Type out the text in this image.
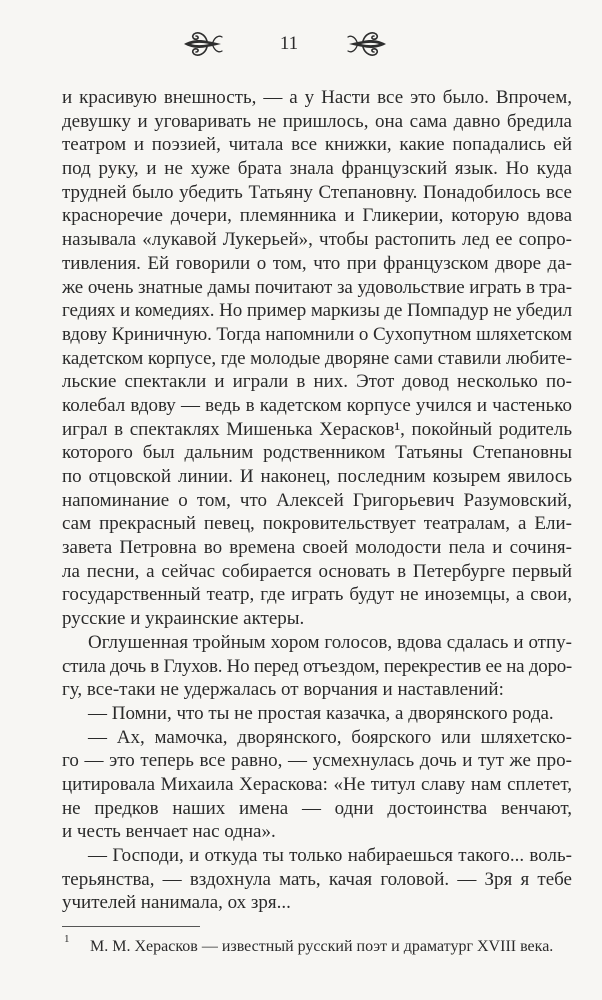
11
и красивую внешность, — а у Насти все это было. Впрочем,
девушку и уговаривать не пришлось, она сама давно бредила
театром и поэзией, читала все книжки, какие попадались ей
под руку, и не хуже брата знала французский язык. Но куда
трудней было убедить Татьяну Степановну. Понадобилось все
красноречие дочери, племянника и Гликерии, которую вдова
называла «лукавой Лукерьей», чтобы растопить лед ее сопро-
тивления. Ей говорили о том, что при французском дворе да-
же очень знатные дамы почитают за удовольствие играть в тра-
гедиях и комедиях. Но пример маркизы де Помпадур не убедил
вдову Криничную. Тогда напомнили о Сухопутном шляхетском
кадетском корпусе, где молодые дворяне сами ставили любите-
льские спектакли и играли в них. Этот довод несколько по-
колебал вдову — ведь в кадетском корпусе учился и частенько
играл в спектаклях Мишенька Херасков¹, покойный родитель
которого был дальним родственником Татьяны Степановны
по отцовской линии. И наконец, последним козырем явилось
напоминание о том, что Алексей Григорьевич Разумовский,
сам прекрасный певец, покровительствует театралам, а Ели-
завета Петровна во времена своей молодости пела и сочиня-
ла песни, а сейчас собирается основать в Петербурге первый
государственный театр, где играть будут не иноземцы, а свои,
русские и украинские актеры.
Оглушенная тройным хором голосов, вдова сдалась и отпу-
стила дочь в Глухов. Но перед отъездом, перекрестив ее на доро-
гу, все-таки не удержалась от ворчания и наставлений:
— Помни, что ты не простая казачка, а дворянского рода.
— Ах, мамочка, дворянского, боярского или шляхетско-
го — это теперь все равно, — усмехнулась дочь и тут же про-
цитировала Михаила Хераскова: «Не титул славу нам сплетет,
не предков наших имена — одни достоинства венчают,
и честь венчает нас одна».
— Господи, и откуда ты только набираешься такого... воль-
терьянства, — вздохнула мать, качая головой. — Зря я тебе
учителей нанимала, ох зря...
1 М. М. Херасков — известный русский поэт и драматург XVIII века.
